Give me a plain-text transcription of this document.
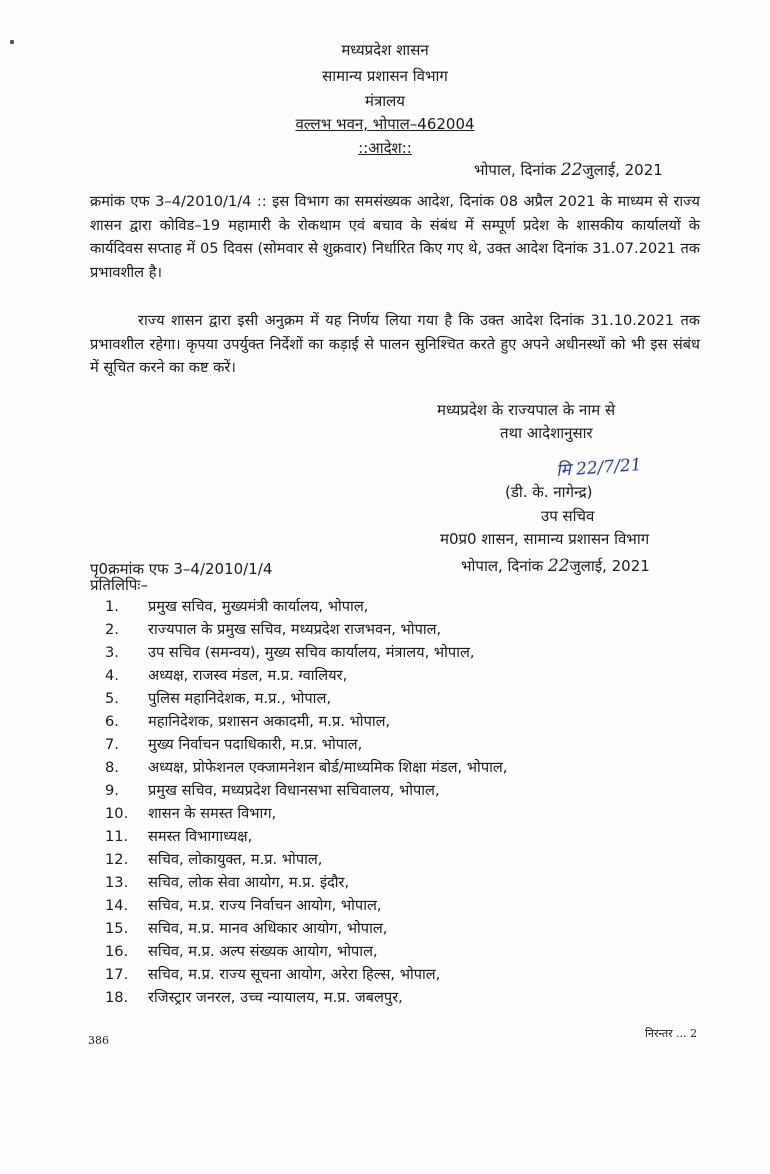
मध्यप्रदेश शासन
सामान्य प्रशासन विभाग
मंत्रालय
वल्लभ भवन, भोपाल–462004
::आदेश::
भोपाल, दिनांक 22जुलाई, 2021
क्रमांक एफ 3–4/2010/1/4 :: इस विभाग का समसंख्यक आदेश, दिनांक 08 अप्रैल 2021 के माध्यम से राज्य शासन द्वारा कोविड–19 महामारी के रोकथाम एवं बचाव के संबंध में सम्पूर्ण प्रदेश के शासकीय कार्यालयों के कार्यदिवस सप्ताह में 05 दिवस (सोमवार से शुक्रवार) निर्धारित किए गए थे, उक्त आदेश दिनांक 31.07.2021 तक प्रभावशील है।
राज्य शासन द्वारा इसी अनुक्रम में यह निर्णय लिया गया है कि उक्त आदेश दिनांक 31.10.2021 तक प्रभावशील रहेगा। कृपया उपर्युक्त निर्देशों का कड़ाई से पालन सुनिश्चित करते हुए अपने अधीनस्थों को भी इस संबंध में सूचित करने का कष्ट करें।
मध्यप्रदेश के राज्यपाल के नाम से
तथा आदेशानुसार
मि 22/7/21
(डी. के. नागेन्द्र)
उप सचिव
म0प्र0 शासन, सामान्य प्रशासन विभाग
पृ0क्रमांक एफ 3–4/2010/1/4	भोपाल, दिनांक 22जुलाई, 2021
प्रतिलिपिः–
1. प्रमुख सचिव, मुख्यमंत्री कार्यालय, भोपाल,
2. राज्यपाल के प्रमुख सचिव, मध्यप्रदेश राजभवन, भोपाल,
3. उप सचिव (समन्वय), मुख्य सचिव कार्यालय, मंत्रालय, भोपाल,
4. अध्यक्ष, राजस्व मंडल, म.प्र. ग्वालियर,
5. पुलिस महानिदेशक, म.प्र., भोपाल,
6. महानिदेशक, प्रशासन अकादमी, म.प्र. भोपाल,
7. मुख्य निर्वाचन पदाधिकारी, म.प्र. भोपाल,
8. अध्यक्ष, प्रोफेशनल एक्जामनेशन बोर्ड/माध्यमिक शिक्षा मंडल, भोपाल,
9. प्रमुख सचिव, मध्यप्रदेश विधानसभा सचिवालय, भोपाल,
10. शासन के समस्त विभाग,
11. समस्त विभागाध्यक्ष,
12. सचिव, लोकायुक्त, म.प्र. भोपाल,
13. सचिव, लोक सेवा आयोग, म.प्र. इंदौर,
14. सचिव, म.प्र. राज्य निर्वाचन आयोग, भोपाल,
15. सचिव, म.प्र. मानव अधिकार आयोग, भोपाल,
16. सचिव, म.प्र. अल्प संख्यक आयोग, भोपाल,
17. सचिव, म.प्र. राज्य सूचना आयोग, अरेरा हिल्स, भोपाल,
18. रजिस्ट्रार जनरल, उच्च न्यायालय, म.प्र. जबलपुर,
निरन्तर ... 2
386
